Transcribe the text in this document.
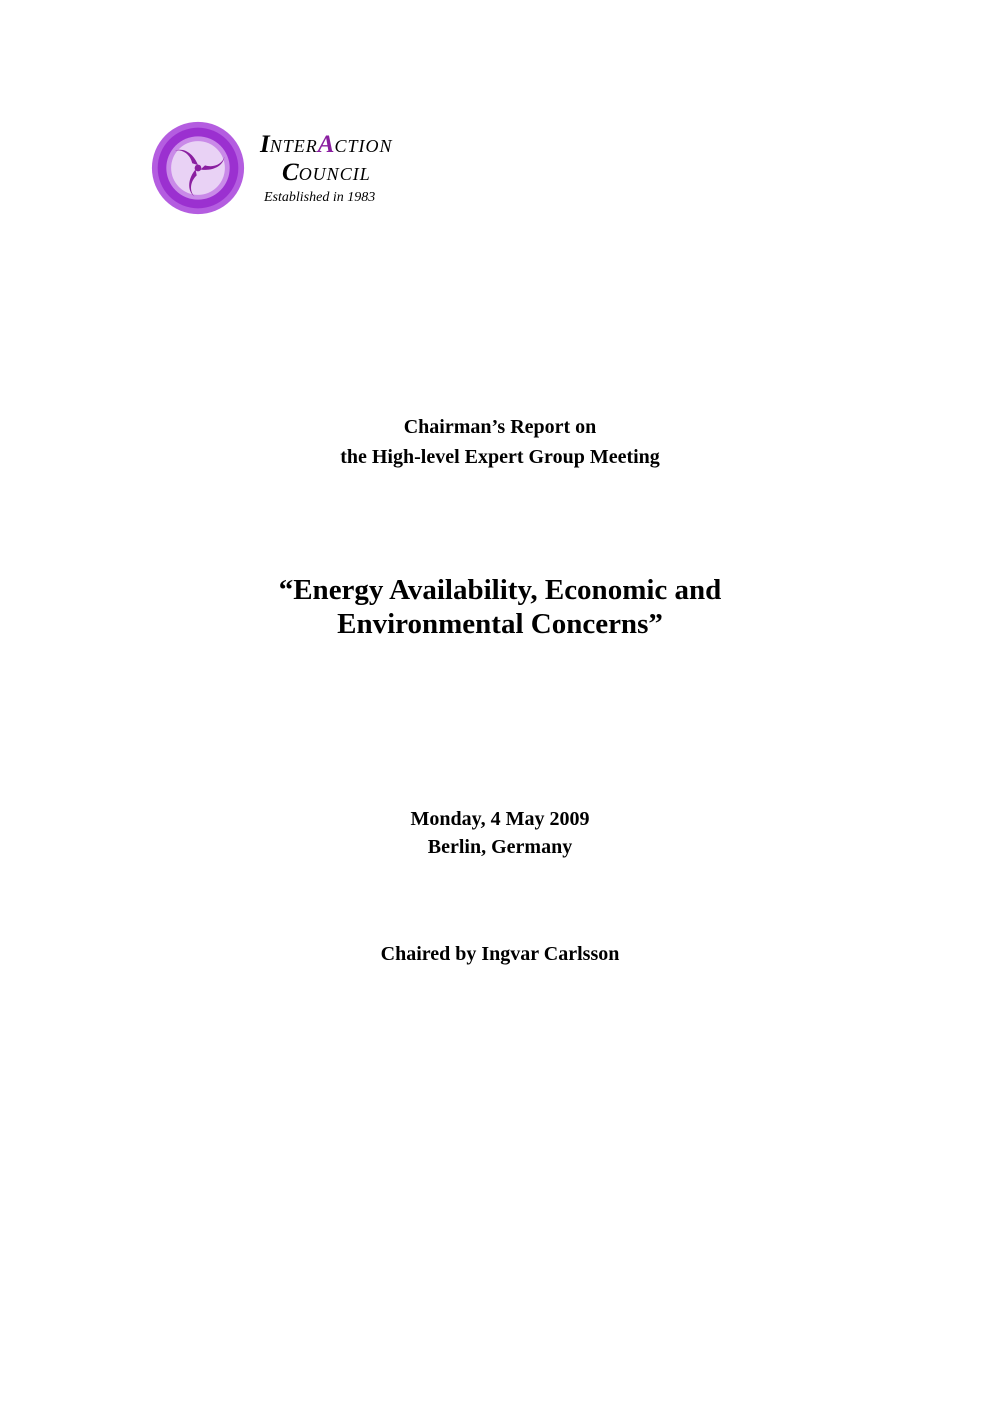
INTERACTION
COUNCIL
Established in 1983
Chairman’s Report on
the High-level Expert Group Meeting
“Energy Availability, Economic and
Environmental Concerns”
Monday, 4 May 2009
Berlin, Germany
Chaired by Ingvar Carlsson
